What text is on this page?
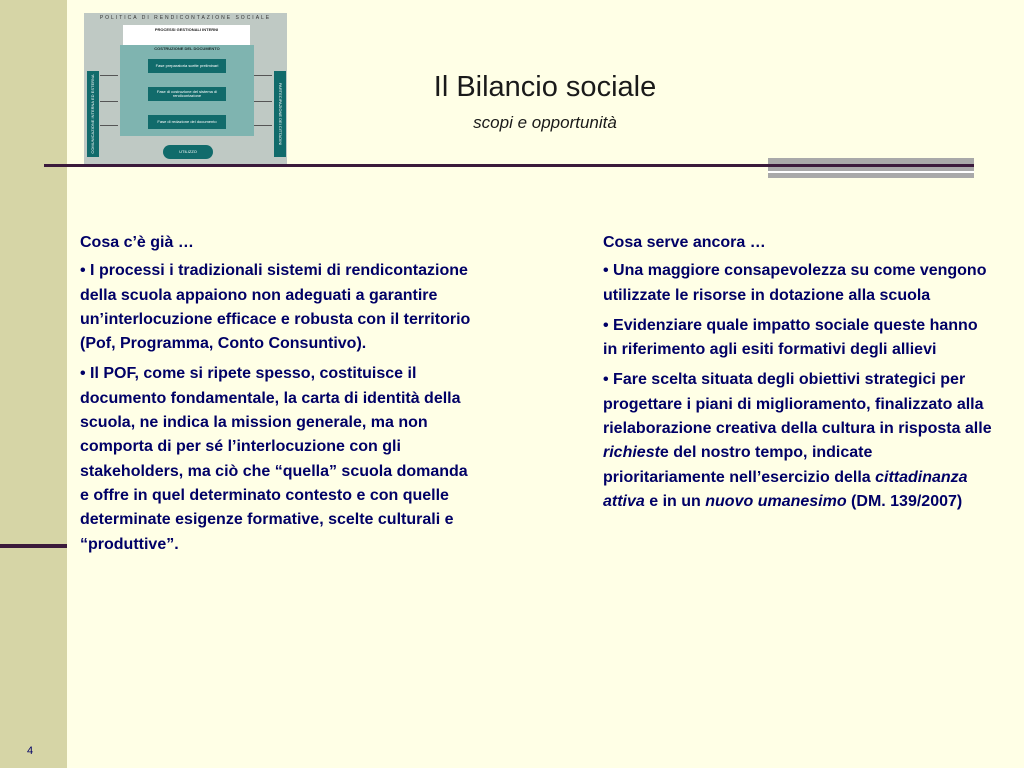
POLITICA DI RENDICONTAZIONE SOCIALE
PROCESSI GESTIONALI INTERNI
COSTRUZIONE DEL DOCUMENTO
Fase preparatoria scelte preliminari
Fase di costruzione del sistema di rendicontazione
Fase di redazione del documento
COMUNICAZIONE INTERNA ED ESTERNA	PARTECIPAZIONE DEI CITTADINI
UTILIZZO
Il Bilancio sociale
scopi e opportunità

Cosa c’è già …

• I processi i tradizionali sistemi di rendicontazione della scuola appaiono non adeguati a garantire un’interlocuzione efficace e robusta con il territorio (Pof, Programma, Conto Consuntivo).

• Il POF, come si ripete spesso, costituisce il documento fondamentale, la carta di identità della scuola, ne indica la mission generale, ma non comporta di per sé l’interlocuzione con gli stakeholders, ma ciò che “quella” scuola domanda e offre in quel determinato contesto e con quelle determinate esigenze formative, scelte culturali e “produttive”.

Cosa serve ancora …

• Una maggiore consapevolezza su come vengono utilizzate le risorse in dotazione alla scuola

• Evidenziare quale impatto sociale queste hanno in riferimento agli esiti formativi degli allievi

• Fare scelta situata degli obiettivi strategici per progettare i piani di miglioramento, finalizzato alla rielaborazione creativa della cultura in risposta alle richieste del nostro tempo, indicate prioritariamente nell’esercizio della cittadinanza attiva e in un nuovo umanesimo (DM. 139/2007)

4
